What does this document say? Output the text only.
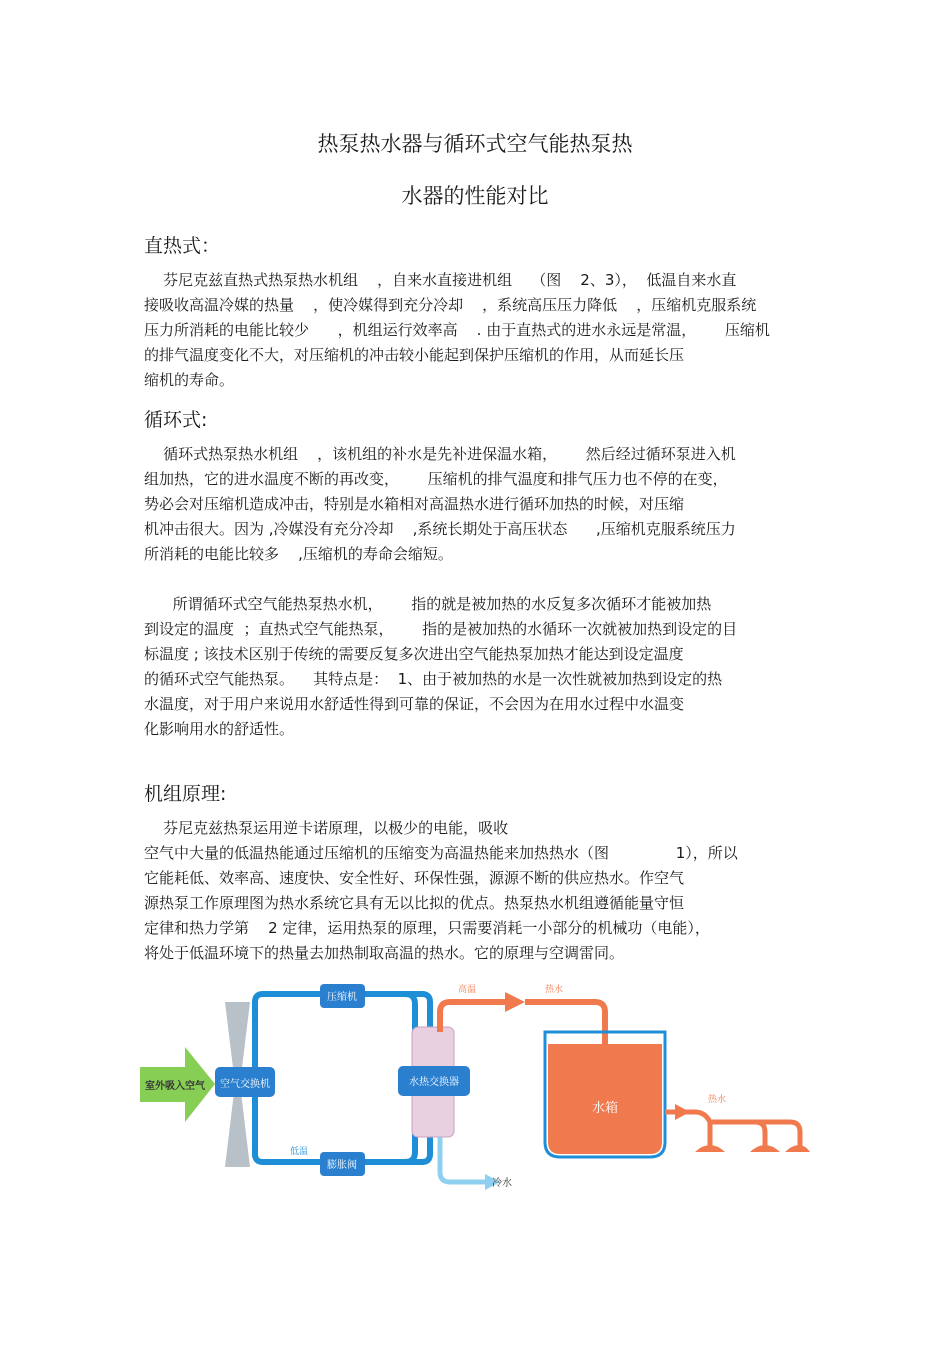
热泵热水器与循环式空气能热泵热
水器的性能对比
直热式：
芬尼克兹直热式热泵热水机组    ，自来水直接进机组    （图    2、3），  低温自来水直
接吸收高温冷媒的热量    ，使冷媒得到充分冷却    ，系统高压压力降低    ，压缩机克服系统
压力所消耗的电能比较少      ，机组运行效率高    . 由于直热式的进水永远是常温，      压缩机
的排气温度变化不大，对压缩机的冲击较小能起到保护压缩机的作用，从而延长压
缩机的寿命。
循环式:
循环式热泵热水机组    ，该机组的补水是先补进保温水箱，      然后经过循环泵进入机
组加热，它的进水温度不断的再改变，      压缩机的排气温度和排气压力也不停的在变，
势必会对压缩机造成冲击，特别是水箱相对高温热水进行循环加热的时候，对压缩
机冲击很大。因为 ,冷媒没有充分冷却    ,系统长期处于高压状态      ,压缩机克服系统压力
所消耗的电能比较多    ,压缩机的寿命会缩短。
所谓循环式空气能热泵热水机，      指的就是被加热的水反复多次循环才能被加热
到设定的温度  ；直热式空气能热泵，      指的是被加热的水循环一次就被加热到设定的目
标温度 ; 该技术区别于传统的需要反复多次进出空气能热泵加热才能达到设定温度
的循环式空气能热泵。    其特点是：  1、由于被加热的水是一次性就被加热到设定的热
水温度，对于用户来说用水舒适性得到可靠的保证，不会因为在用水过程中水温变
化影响用水的舒适性。
机组原理:
芬尼克兹热泵运用逆卡诺原理，以极少的电能，吸收
空气中大量的低温热能通过压缩机的压缩变为高温热能来加热热水（图              1），所以
它能耗低、效率高、速度快、安全性好、环保性强，源源不断的供应热水。作空气
源热泵工作原理图为热水系统它具有无以比拟的优点。热泵热水机组遵循能量守恒
定律和热力学第    2 定律，运用热泵的原理，只需要消耗一小部分的机械功（电能），
将处于低温环境下的热量去加热制取高温的热水。它的原理与空调雷同。
室外吸入空气 空气交换机
压缩机
膨胀阀
低温
水热交换器
高温	热水
水箱
热水
冷水
